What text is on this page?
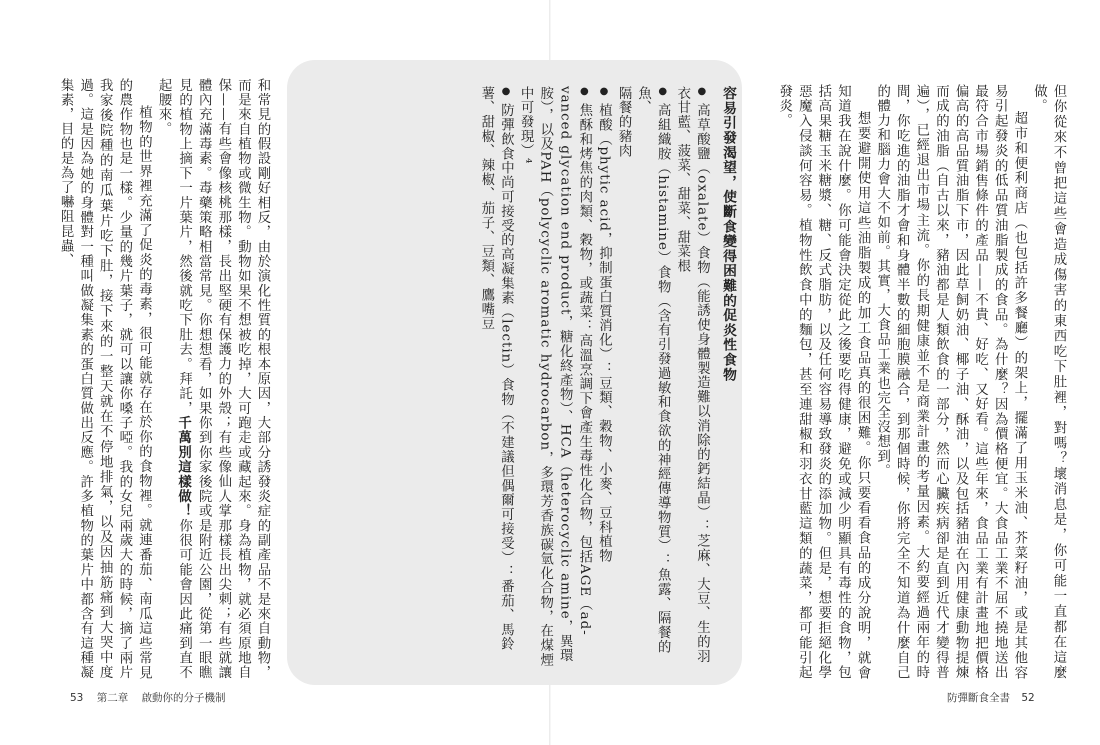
但你從來不曾把這些會造成傷害的東西吃下肚裡，對嗎？壞消息是，你可能一直都在這麼做。

超市和便利商店（也包括許多餐廳）的架上，擺滿了用玉米油、芥菜籽油，或是其他容易引起發炎的低品質油脂製成的食品。為什麼？因為價格便宜。大食品工業不屈不撓地送出最符合市場銷售條件的產品——不貴、好吃、又好看。這些年來，食品工業有計畫地把價格偏高的高品質油脂下市，因此草飼奶油、椰子油、酥油，以及包括豬油在內用健康動物提煉而成的油脂（自古以來，豬油都是人類飲食的一部分，然而心臟疾病卻是直到近代才變得普遍），已經退出市場主流。你的長期健康並不是商業計畫的考量因素。大約要經過兩年的時間，你吃進的油脂才會和身體半數的細胞膜融合，到那個時候，你將完全不知道為什麼自己的體力和腦力會大不如前。其實，大食品工業也完全沒想到。

想要避開使用這些油脂製成的加工食品真的很困難。你只要看看食品的成分說明，就會知道我在說什麼。你可能會決定從此之後要吃得健康，避免或減少明顯具有毒性的食物，包括高果糖玉米糖漿、糖、反式脂肪，以及任何容易導致發炎的添加物。但是，想要拒絕化學惡魔入侵談何容易。植物性飲食中的麵包，甚至連甜椒和羽衣甘藍這類的蔬菜，都可能引起發炎。

容易引發渴望，使斷食變得困難的促炎性食物

● 高草酸鹽（oxalate）食物（能誘使身體製造難以消除的鈣結晶）：芝麻、大豆、生的羽

衣甘藍、菠菜、甜菜、甜菜根

● 高組織胺（histamine）食物（含有引發過敏和食欲的神經傳導物質）：魚露、隔餐的魚、

隔餐的豬肉

● 植酸（phytic acid，抑制蛋白質消化）：豆類、穀物、小麥、豆科植物

● 焦酥和烤焦的肉類、穀物，或蔬菜：高溫烹調下會產生毒性化合物，包括AGE（ad-

vanced glycation end product，糖化終產物）、HCA（heterocyclic amine，異環胺），以及PAH（polycyclic aromatic hydrocarbon，多環芳香族碳氫化合物，在煤煙中可發現）⁴

● 防彈飲食中尚可接受的高凝集素（lectin）食物（不建議但偶爾可接受）：番茄、馬鈴

薯、甜椒、辣椒、茄子、豆類、鷹嘴豆

和常見的假設剛好相反，由於演化性質的根本原因，大部分誘發炎症的副產品不是來自動物，而是來自植物或微生物。動物如果不想被吃掉，大可跑走或藏起來。身為植物，就必須原地自保——有些會像核桃那樣，長出堅硬有保護力的外殼；有些像仙人掌那樣長出尖刺；有些就讓體內充滿毒素。毒藥策略相當常見。你想想看，如果你到你家後院或是附近公園，從第一眼瞧見的植物上摘下一片葉片，然後就吃下肚去。拜託，千萬別這樣做！你很可能會因此痛到直不起腰來。

植物的世界裡充滿了促炎的毒素，很可能就存在於你的食物裡。就連番茄、南瓜這些常見的農作物也是一樣。少量的幾片葉子，就可以讓你嗓子啞。我的女兒兩歲大的時候，摘了兩片我家後院種的南瓜葉片吃下肚，接下來的一整天就在不停地排氣，以及因抽筋痛到大哭中度過。這是因為她的身體對一種叫做凝集素的蛋白質做出反應。許多植物的葉片中都含有這種凝集素，目的是為了嚇阻昆蟲、

53 第二章 啟動你的分子機制	防彈斷食全書 52
